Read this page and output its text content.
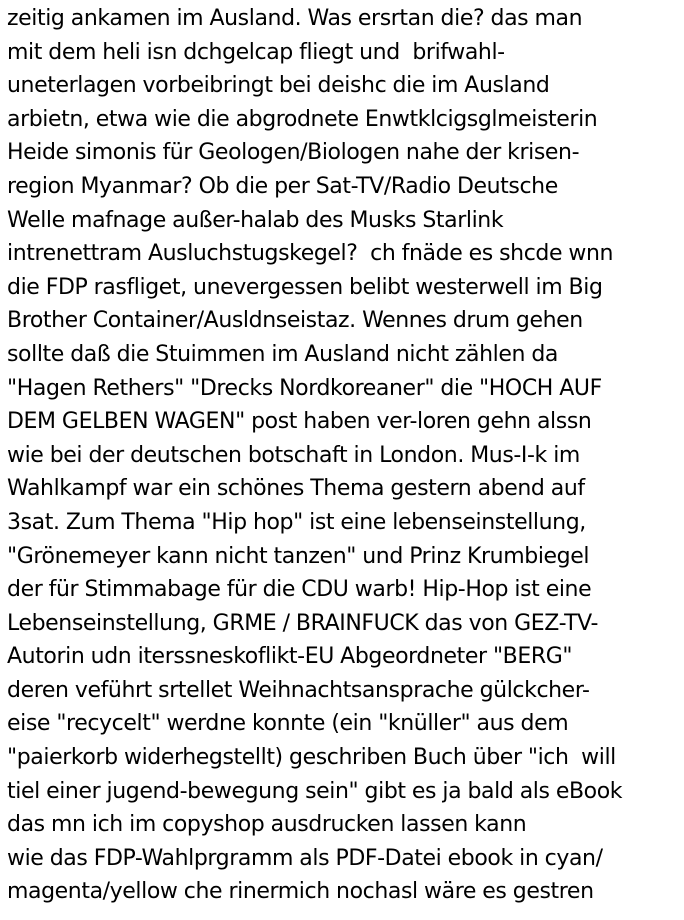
zeitig ankamen im Ausland. Was ersrtan die? das man
mit dem heli isn dchgelcap fliegt und  brifwahl-
uneterlagen vorbeibringt bei deishc die im Ausland
arbietn, etwa wie die abgrodnete Enwtklcigsglmeisterin
Heide simonis für Geologen/Biologen nahe der krisen-
region Myanmar? Ob die per Sat-TV/Radio Deutsche
Welle mafnage außer-halab des Musks Starlink
intrenettram Ausluchstugskegel?  ch fnäde es shcde wnn
die FDP rasfliget, unevergessen belibt westerwell im Big
Brother Container/Ausldnseistaz. Wennes drum gehen
sollte daß die Stuimmen im Ausland nicht zählen da
"Hagen Rethers" "Drecks Nordkoreaner" die "HOCH AUF
DEM GELBEN WAGEN" post haben ver-loren gehn alssn
wie bei der deutschen botschaft in London. Mus-I-k im
Wahlkampf war ein schönes Thema gestern abend auf
3sat. Zum Thema "Hip hop" ist eine lebenseinstellung,
"Grönemeyer kann nicht tanzen" und Prinz Krumbiegel
der für Stimmabage für die CDU warb! Hip-Hop ist eine
Lebenseinstellung, GRME / BRAINFUCK das von GEZ-TV-
Autorin udn iterssneskoflikt-EU Abgeordneter "BERG"
deren veführt srtellet Weihnachtsansprache gülckcher-
eise "recycelt" werdne konnte (ein "knüller" aus dem
"paierkorb widerhegstellt) geschriben Buch über "ich  will
tiel einer jugend-bewegung sein" gibt es ja bald als eBook
das mn ich im copyshop ausdrucken lassen kann
wie das FDP-Wahlprgramm als PDF-Datei ebook in cyan/
magenta/yellow che rinermich nochasl wäre es gestren
